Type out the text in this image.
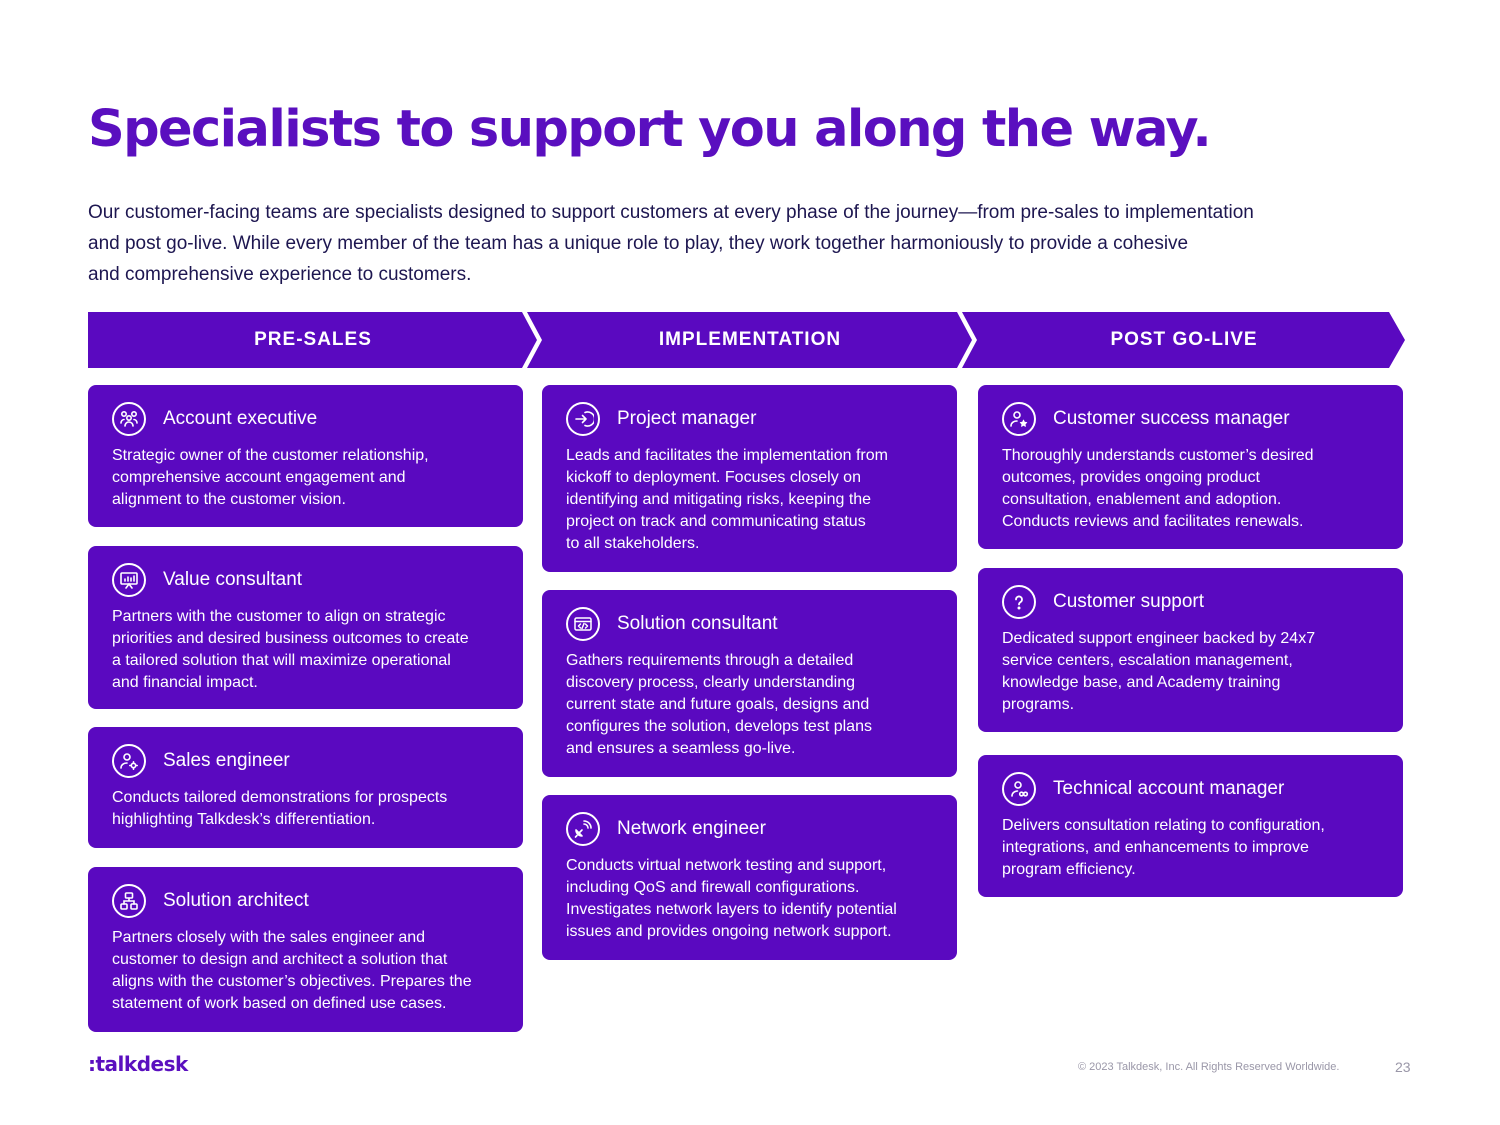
Specialists to support you along the way.

Our customer-facing teams are specialists designed to support customers at every phase of the journey—from pre-sales to implementation
and post go-live. While every member of the team has a unique role to play, they work together harmoniously to provide a cohesive
and comprehensive experience to customers.

PRE-SALES	IMPLEMENTATION	POST GO-LIVE
Account executive

Strategic owner of the customer relationship,
comprehensive account engagement and
alignment to the customer vision.

Value consultant

Partners with the customer to align on strategic
priorities and desired business outcomes to create
a tailored solution that will maximize operational
and financial impact.

Sales engineer

Conducts tailored demonstrations for prospects
highlighting Talkdesk’s differentiation.

Solution architect

Partners closely with the sales engineer and
customer to design and architect a solution that
aligns with the customer’s objectives. Prepares the
statement of work based on defined use cases.

Project manager

Leads and facilitates the implementation from
kickoff to deployment. Focuses closely on
identifying and mitigating risks, keeping the
project on track and communicating status
to all stakeholders.

Solution consultant

Gathers requirements through a detailed
discovery process, clearly understanding
current state and future goals, designs and
configures the solution, develops test plans
and ensures a seamless go-live.

Network engineer

Conducts virtual network testing and support,
including QoS and firewall configurations.
Investigates network layers to identify potential
issues and provides ongoing network support.

Customer success manager

Thoroughly understands customer’s desired
outcomes, provides ongoing product
consultation, enablement and adoption.
Conducts reviews and facilitates renewals.

Customer support

Dedicated support engineer backed by 24x7
service centers, escalation management,
knowledge base, and Academy training
programs.

Technical account manager

Delivers consultation relating to configuration,
integrations, and enhancements to improve
program efficiency.

:talkdesk	© 2023 Talkdesk, Inc. All Rights Reserved Worldwide.	23
